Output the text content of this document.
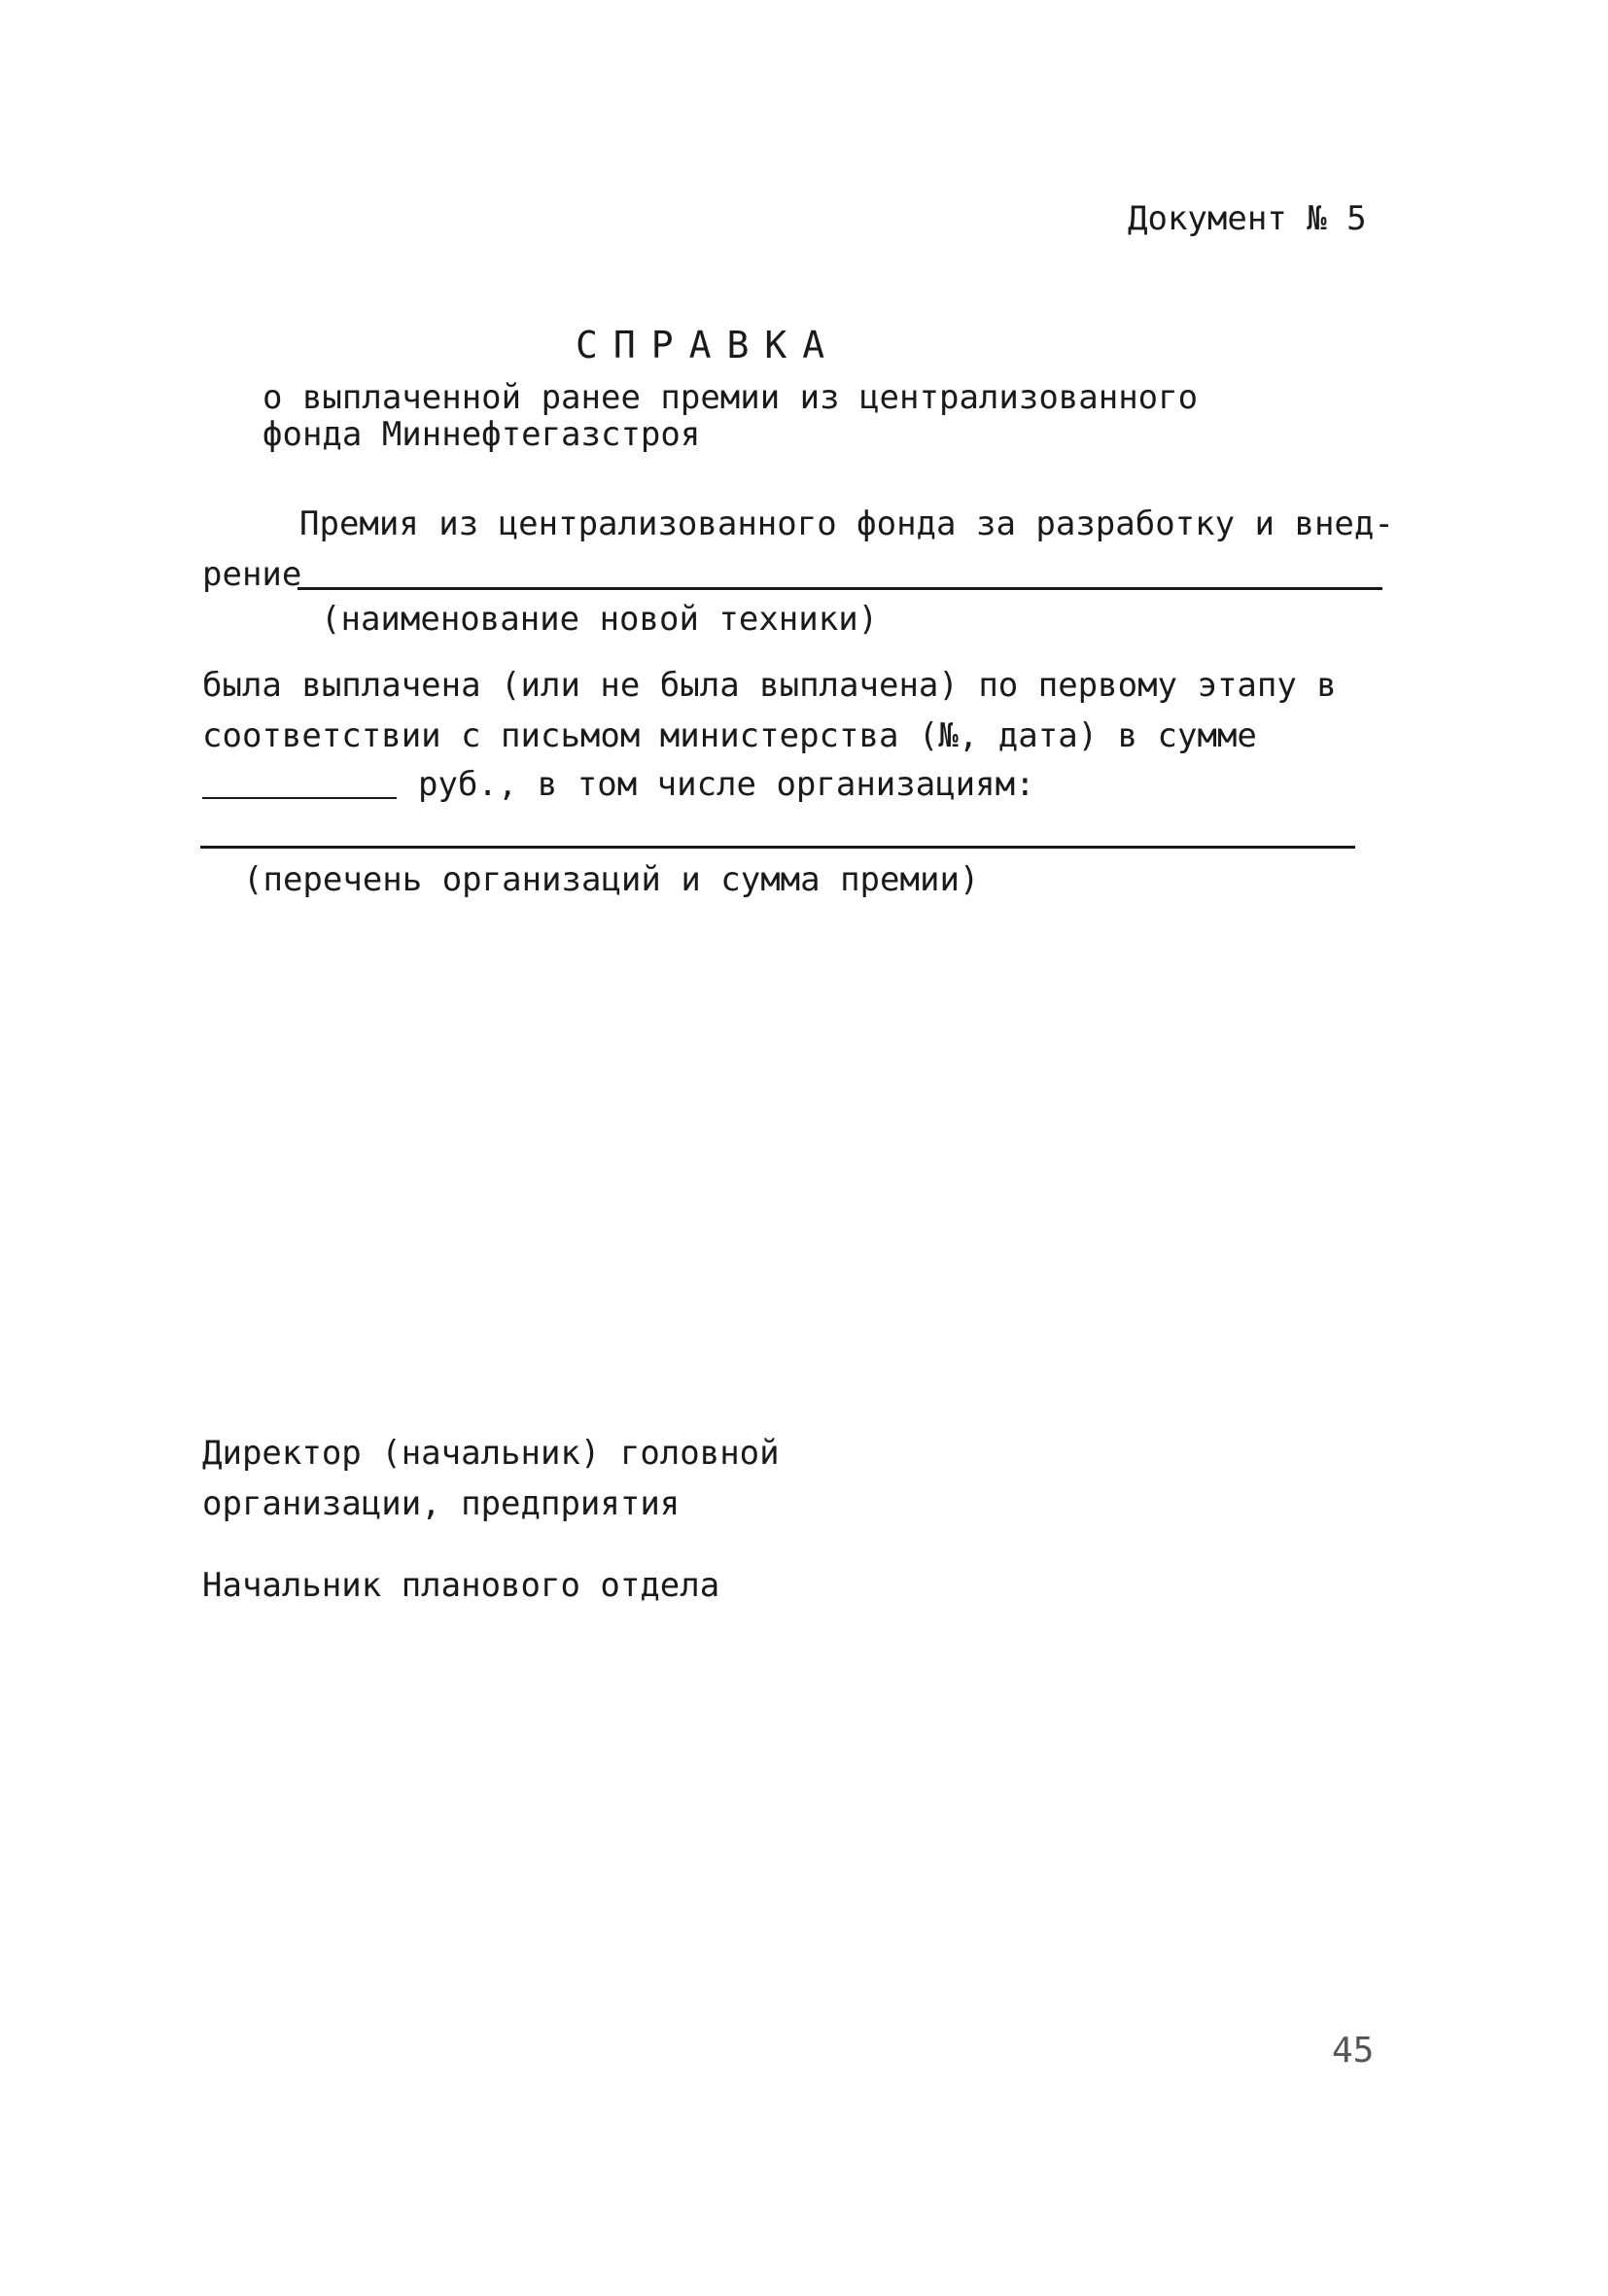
Документ № 5

СПРАВКА

о выплаченной ранее премии из централизованного

фонда Миннефтегазстроя

Премия из централизованного фонда за разработку и внед-

рение

(наименование новой техники)

была выплачена (или не была выплачена) по первому этапу в

соответствии с письмом министерства (№, дата) в сумме

руб., в том числе организациям:

(перечень организаций и сумма премии)

Директор (начальник) головной

организации, предприятия

Начальник планового отдела

45
